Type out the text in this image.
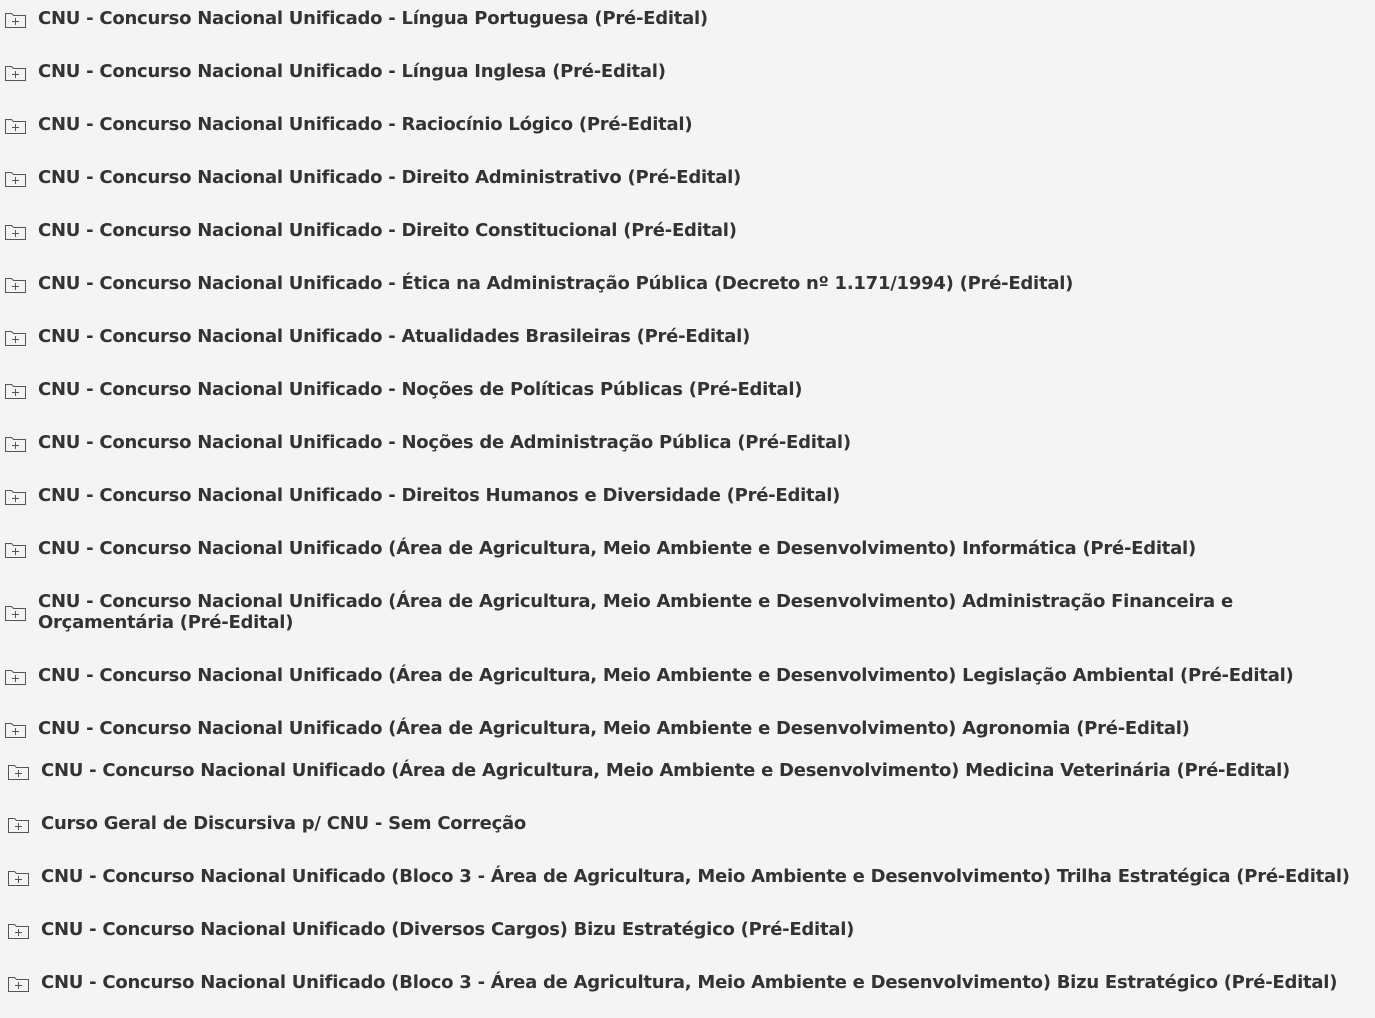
CNU - Concurso Nacional Unificado - Língua Portuguesa (Pré-Edital)
CNU - Concurso Nacional Unificado - Língua Inglesa (Pré-Edital)
CNU - Concurso Nacional Unificado - Raciocínio Lógico (Pré-Edital)
CNU - Concurso Nacional Unificado - Direito Administrativo (Pré-Edital)
CNU - Concurso Nacional Unificado - Direito Constitucional (Pré-Edital)
CNU - Concurso Nacional Unificado - Ética na Administração Pública (Decreto nº 1.171/1994) (Pré-Edital)
CNU - Concurso Nacional Unificado - Atualidades Brasileiras (Pré-Edital)
CNU - Concurso Nacional Unificado - Noções de Políticas Públicas (Pré-Edital)
CNU - Concurso Nacional Unificado - Noções de Administração Pública (Pré-Edital)
CNU - Concurso Nacional Unificado - Direitos Humanos e Diversidade (Pré-Edital)
CNU - Concurso Nacional Unificado (Área de Agricultura, Meio Ambiente e Desenvolvimento) Informática (Pré-Edital)
CNU - Concurso Nacional Unificado (Área de Agricultura, Meio Ambiente e Desenvolvimento) Administração Financeira e Orçamentária (Pré-Edital)
CNU - Concurso Nacional Unificado (Área de Agricultura, Meio Ambiente e Desenvolvimento) Legislação Ambiental (Pré-Edital)
CNU - Concurso Nacional Unificado (Área de Agricultura, Meio Ambiente e Desenvolvimento) Agronomia (Pré-Edital)
CNU - Concurso Nacional Unificado (Área de Agricultura, Meio Ambiente e Desenvolvimento) Medicina Veterinária (Pré-Edital)
Curso Geral de Discursiva p/ CNU - Sem Correção
CNU - Concurso Nacional Unificado (Bloco 3 - Área de Agricultura, Meio Ambiente e Desenvolvimento) Trilha Estratégica (Pré-Edital)
CNU - Concurso Nacional Unificado (Diversos Cargos) Bizu Estratégico (Pré-Edital)
CNU - Concurso Nacional Unificado (Bloco 3 - Área de Agricultura, Meio Ambiente e Desenvolvimento) Bizu Estratégico (Pré-Edital)
